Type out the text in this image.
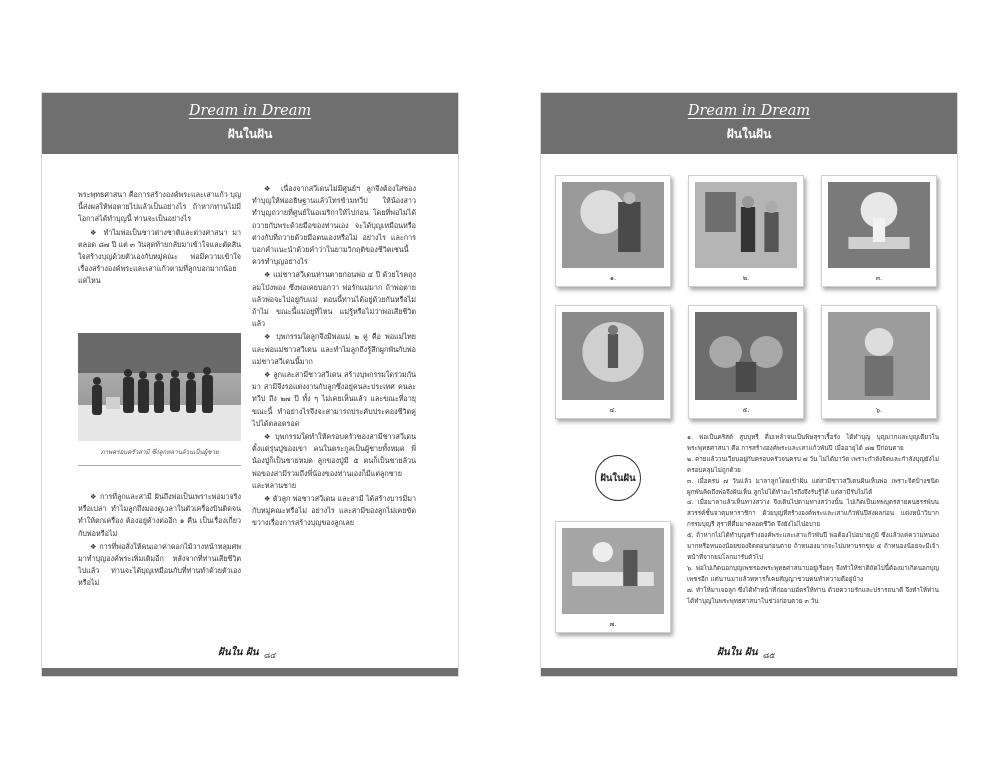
Dream in Dream
ฝันในฝัน

พระพุทธศาสนา คือการสร้างองค์พระและเสาแก้ว บุญนี้ส่งผลให้พ่อตายไปแล้วเป็นอย่างไร ถ้าหากท่านไม่มีโอกาสได้ทำบุญนี้ ท่านจะเป็นอย่างไร

❖ ทำไมพ่อเป็นชาวต่างชาติและต่างศาสนา มาตลอด ๘๗ ปี แต่ ๓ วันสุดท้ายกลับมาเข้าใจและตัดสินใจสร้างบุญด้วยตัวเองกับหมู่คณะ พ่อมีความเข้าใจเรื่องสร้างองค์พระและเสาแก้วตามที่ลูกบอกมากน้อยแค่ไหน

ภาพครอบครัวสามี ซึ่งลูกหลานล้วนเป็นผู้ชาย

❖ การที่ลูกและสามี ฝันถึงพ่อเป็นเพราะพ่อมาจริงหรือเปล่า ทำไมลูกถึงมองดูเวลาในตัวเครื่องบินติดจนทำให้ตกเครื่อง ต้องอยู่ค้างต่ออีก ๑ คืน เป็นเรื่องเกี่ยวกับพ่อหรือไม่

❖ การที่พ่อสั่งให้คนเอาค่าดอกไม้วางหน้าหลุมศพมาทำบุญองค์พระเพิ่มเติมอีก หลังจากที่ท่านเสียชีวิตไปแล้ว ท่านจะได้บุญเหมือนกับที่ท่านทำด้วยตัวเองหรือไม่

❖ เนื่องจากสวีเดนไม่มีศูนย์ฯ ลูกจึงต้องใส่ซองทำบุญให้พ่ออธิษฐานแล้วโทรข้ามทวีป ให้น้องสาวทำบุญถวายที่ศูนย์ในอเมริกาให้ไปก่อน โดยที่พ่อไม่ได้ถวายกับพระด้วยมือของท่านเอง จะได้บุญเหมือนหรือต่างกับที่ถวายด้วยมือตนเองหรือไม่ อย่างไร และการบอกคำแนะนำด้วยคำว่าในยามวิกฤติของชีวิตเช่นนี้ควรทำบุญอย่างไร

❖ แม่ชาวสวีเดนท่านตายก่อนพ่อ ๔ ปี ด้วยโรคถุงลมโป่งพอง ซึ่งพ่อเคยบอกว่า พ่อรักแม่มาก ถ้าพ่อตายแล้วพ่อจะไปอยู่กับแม่ ตอนนี้ท่านได้อยู่ด้วยกันหรือไม่ ถ้าไม่ ขณะนี้แม่อยู่ที่ไหน แม่รู้หรือไม่ว่าพ่อเสียชีวิตแล้ว

❖ บุพกรรมใดลูกจึงมีพ่อแม่ ๒ คู่ คือ พ่อแม่ไทยและพ่อแม่ชาวสวีเดน และทำไมลูกถึงรู้สึกผูกพันกับพ่อแม่ชาวสวีเดนนี้มาก

❖ ลูกและสามีชาวสวีเดน สร้างบุพกรรมใดร่วมกันมา สามีจึงรอแต่งงานกับลูกซึ่งอยู่คนละประเทศ คนละทวีป ถึง ๒๗ ปี ทั้ง ๆ ไม่เคยเห็นแล้ว และขณะที่อายุขณะนี้ ทำอย่างไรจึงจะสามารถประคับประคองชีวิตคู่ไปได้ตลอดรอด

❖ บุพกรรมใดทำให้ครอบครัวของสามีชาวสวีเดน ตั้งแต่รุ่นปู่ของเขา คนในตระกูลเป็นผู้ชายทั้งหมด พี่น้องปู่ก็เป็นชายหมด ลูกของปู่มี ๕ คนก็เป็นชายล้วน พ่อของสามีรวมถึงพี่น้องของท่านเองก็มีแต่ลูกชาย และหลานชาย

❖ ตัวลูก พ่อชาวสวีเดน และสามี ได้สร้างบารมีมากับหมู่คณะหรือไม่ อย่างไร และสามีของลูกไม่เคยขัดขวางเรื่องการสร้างบุญของลูกเลย

ฝันใน ฝัน ๘๔
Dream in Dream
ฝันในฝัน
๑.	๒.	๓.
๔.	๕.	๖.
ฝันในฝัน

๑. พ่อเป็นคริสต์ สูบบุหรี่ ดื่มเหล้าจนเป็นพิษสุราเรื้อรัง ได้ทำบุญ บุญมากและบุญเดียวในพระพุทธศาสนา คือ การสร้างองค์พระและเสาแก้วพันปี เมื่ออายุได้ ๘๗ ปีก่อนตาย

๒. ตายแล้ววนเวียนอยู่กับครอบครัวจนครบ ๗ วัน ไม่ได้มาวัด เพราะกำลังจิตและกำลังบุญยังไม่ครอบคลุมไม่ถูกด้วย

๓. เมื่อครบ ๗ วันแล้ว มาลาลูกโดยเข้าฝัน แต่สามีชาวสวีเดนฝันเห็นพ่อ เพราะจิตบ้างชนิดผูกพันคิดถึงพ่อจึงฝันเห็น ลูกไม่ได้ทำอะไรถึงจึงรับรู้ได้ แต่สามีรับไม่ได้

๔. เมื่อมาลาแล้วเห็นทางสว่าง จึงเดินไปตามทางสว่างนั้น ไปเกิดเป็นเทพบุตรสายคนธรรพ์บนสวรรค์ชั้นจาตุมหาราชิกา ด้วยบุญที่สร้างองค์พระและเสาแก้วพันปีส่งผลก่อน แต่งหน้าวิบากกรรมบุญรี สุราที่ดื่มมาตลอดชีวิต จึงยังไม่ไปอบาย

๕. ถ้าหากไม่ได้ทำบุญสร้างองค์พระและเสาแก้วพันปี พ่อต้องไปอบายภูมิ ซึ่งแล้วแต่ความหนองมากหรือหนองน้อยของจิตตอนก่อนตาย ถ้าหนองมากจะไปมหานรกขุม ๕ ถ้าหนองน้อยจะมีเจ้าหน้าที่จากยมโลกมารับตัวไป

๖. พ่อไปเกิดนอกบุญเพชรองพระพุทธศาสนาบอยู่เรื่อยๆ จึงทำให้ชาติถัดไปนี้ต้องมาเกิดนอกบุญเพชรอีก แต่นานมาแล้วทหารก็เคยสัญญาชวนคนทำความดีอยู่บ้าง

๗. ทำให้มาเจอลูก ซึ่งได้ทำหน้าที่ก่อยามอัตรให้ท่าน ด้วยความรักและปรารถนาดี จึงทำให้ท่านได้ทำบุญในพระพุทธศาสนาในช่วงก่อนตาย ๓ วัน

๗.
ฝันใน ฝัน ๘๕
